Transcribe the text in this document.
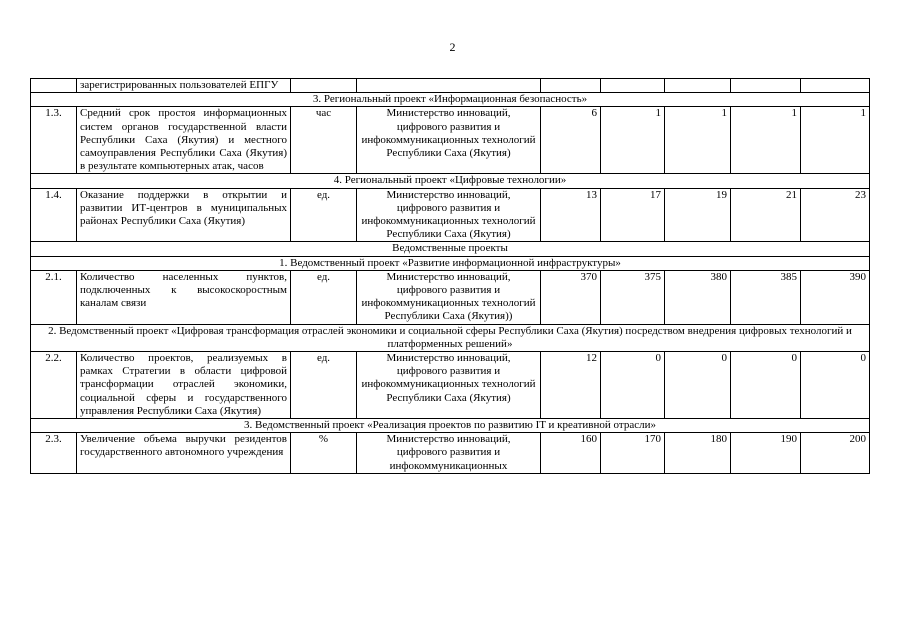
2
	зарегистрированных пользователей ЕПГУ							
3. Региональный проект «Информационная безопасность»								
1.3.	Средний срок простоя информационных систем органов государственной власти Республики Саха (Якутия) и местного самоуправления Республики Саха (Якутия) в результате компьютерных атак, часов	час	Министерство инноваций, цифрового развития и инфокоммуникационных технологий Республики Саха (Якутия)	6	1	1	1	1
4. Региональный проект «Цифровые технологии»								
1.4.	Оказание поддержки в открытии и развитии ИТ-центров в муниципальных районах Республики Саха (Якутия)	ед.	Министерство инноваций, цифрового развития и инфокоммуникационных технологий Республики Саха (Якутия)	13	17	19	21	23
Ведомственные проекты								
1. Ведомственный проект «Развитие информационной инфраструктуры»								
2.1.	Количество населенных пунктов, подключенных к высокоскоростным каналам связи	ед.	Министерство инноваций, цифрового развития и инфокоммуникационных технологий Республики Саха (Якутия))	370	375	380	385	390
2. Ведомственный проект «Цифровая трансформация отраслей экономики и социальной сферы Республики Саха (Якутия) посредством внедрения цифровых технологий и платформенных решений»								
2.2.	Количество проектов, реализуемых в рамках Стратегии в области цифровой трансформации отраслей экономики, социальной сферы и государственного управления Республики Саха (Якутия)	ед.	Министерство инноваций, цифрового развития и инфокоммуникационных технологий Республики Саха (Якутия)	12	0	0	0	0
3. Ведомственный проект «Реализация проектов по развитию IT и креативной отрасли»								
2.3.	Увеличение объема выручки резидентов государственного автономного учреждения	%	Министерство инноваций, цифрового развития и инфокоммуникационных	160	170	180	190	200
